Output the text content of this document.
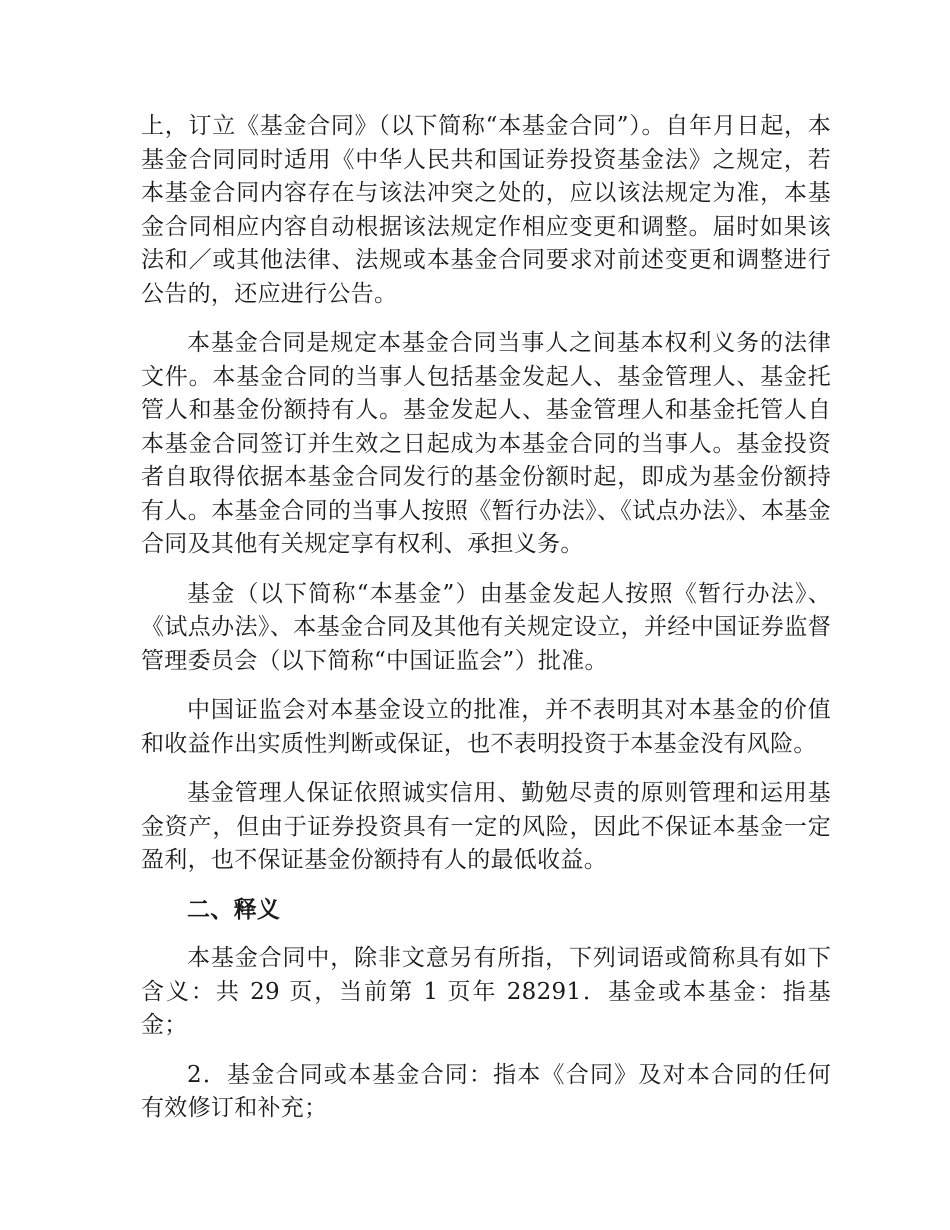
上，订立《基金合同》（以下简称“本基金合同”）。自年月日起，本基金合同同时适用《中华人民共和国证券投资基金法》之规定，若本基金合同内容存在与该法冲突之处的，应以该法规定为准，本基金合同相应内容自动根据该法规定作相应变更和调整。届时如果该法和／或其他法律、法规或本基金合同要求对前述变更和调整进行公告的，还应进行公告。

本基金合同是规定本基金合同当事人之间基本权利义务的法律文件。本基金合同的当事人包括基金发起人、基金管理人、基金托管人和基金份额持有人。基金发起人、基金管理人和基金托管人自本基金合同签订并生效之日起成为本基金合同的当事人。基金投资者自取得依据本基金合同发行的基金份额时起，即成为基金份额持有人。本基金合同的当事人按照《暂行办法》、《试点办法》、本基金合同及其他有关规定享有权利、承担义务。

基金（以下简称“本基金”）由基金发起人按照《暂行办法》、《试点办法》、本基金合同及其他有关规定设立，并经中国证券监督管理委员会（以下简称“中国证监会”）批准。

中国证监会对本基金设立的批准，并不表明其对本基金的价值和收益作出实质性判断或保证，也不表明投资于本基金没有风险。

基金管理人保证依照诚实信用、勤勉尽责的原则管理和运用基金资产，但由于证券投资具有一定的风险，因此不保证本基金一定盈利，也不保证基金份额持有人的最低收益。

二、释义

本基金合同中，除非文意另有所指，下列词语或简称具有如下含义：共 29 页，当前第 1 页年 28291．基金或本基金：指基金；

2．基金合同或本基金合同：指本《合同》及对本合同的任何有效修订和补充；
